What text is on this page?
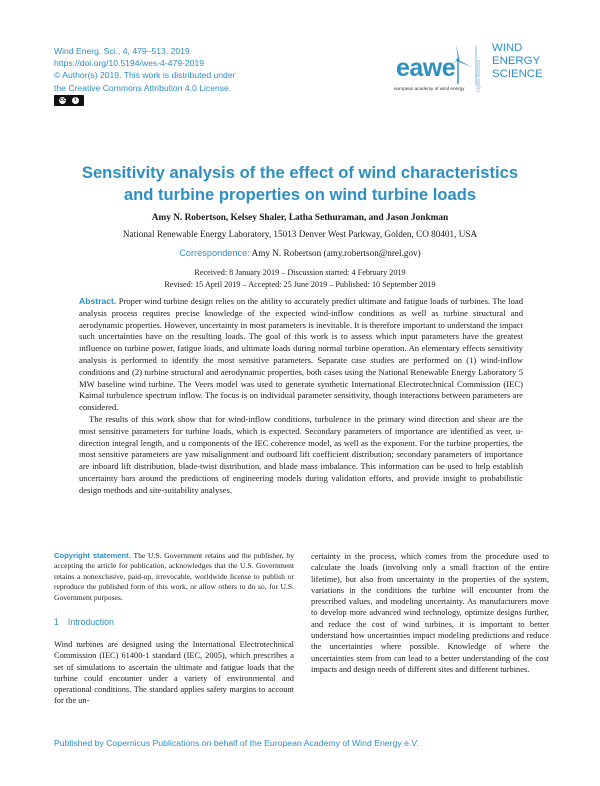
Wind Energ. Sci., 4, 479–513, 2019
https://doi.org/10.5194/wes-4-479-2019
© Author(s) 2019. This work is distributed under
the Creative Commons Attribution 4.0 License.
cc	i
eawe
european academy of wind energy Open Access
WIND
ENERGY
SCIENCE
Sensitivity analysis of the effect of wind characteristics
and turbine properties on wind turbine loads
Amy N. Robertson, Kelsey Shaler, Latha Sethuraman, and Jason Jonkman
National Renewable Energy Laboratory, 15013 Denver West Parkway, Golden, CO 80401, USA
Correspondence: Amy N. Robertson (amy.robertson@nrel.gov)
Received: 8 January 2019 – Discussion started: 4 February 2019
Revised: 15 April 2019 – Accepted: 25 June 2019 – Published: 10 September 2019

Abstract. Proper wind turbine design relies on the ability to accurately predict ultimate and fatigue loads of turbines. The load analysis process requires precise knowledge of the expected wind-inflow conditions as well as turbine structural and aerodynamic properties. However, uncertainty in most parameters is inevitable. It is therefore important to understand the impact such uncertainties have on the resulting loads. The goal of this work is to assess which input parameters have the greatest influence on turbine power, fatigue loads, and ultimate loads during normal turbine operation. An elementary effects sensitivity analysis is performed to identify the most sensitive parameters. Separate case studies are performed on (1) wind-inflow conditions and (2) turbine structural and aerodynamic properties, both cases using the National Renewable Energy Laboratory 5 MW baseline wind turbine. The Veers model was used to generate synthetic International Electrotechnical Commission (IEC) Kaimal turbulence spectrum inflow. The focus is on individual parameter sensitivity, though interactions between parameters are considered.

The results of this work show that for wind-inflow conditions, turbulence in the primary wind direction and shear are the most sensitive parameters for turbine loads, which is expected. Secondary parameters of importance are identified as veer, u-direction integral length, and u components of the IEC coherence model, as well as the exponent. For the turbine properties, the most sensitive parameters are yaw misalignment and outboard lift coefficient distribution; secondary parameters of importance are inboard lift distribution, blade-twist distribution, and blade mass imbalance. This information can be used to help establish uncertainty bars around the predictions of engineering models during validation efforts, and provide insight to probabilistic design methods and site-suitability analyses.

Copyright statement. The U.S. Government retains and the publisher, by accepting the article for publication, acknowledges that the U.S. Government retains a nonexclusive, paid-up, irrevocable, worldwide license to publish or reproduce the published form of this work, or allow others to do so, for U.S. Government purposes.

1 Introduction

Wind turbines are designed using the International Electrotechnical Commission (IEC) 61400-1 standard (IEC, 2005), which prescribes a set of simulations to ascertain the ultimate and fatigue loads that the turbine could encounter under a variety of environmental and operational conditions. The standard applies safety margins to account for the un-

certainty in the process, which comes from the procedure used to calculate the loads (involving only a small fraction of the entire lifetime), but also from uncertainty in the properties of the system, variations in the conditions the turbine will encounter from the prescribed values, and modeling uncertainty. As manufacturers move to develop more advanced wind technology, optimize designs further, and reduce the cost of wind turbines, it is important to better understand how uncertainties impact modeling predictions and reduce the uncertainties where possible. Knowledge of where the uncertainties stem from can lead to a better understanding of the cost impacts and design needs of different sites and different turbines.

Published by Copernicus Publications on behalf of the European Academy of Wind Energy e.V.
